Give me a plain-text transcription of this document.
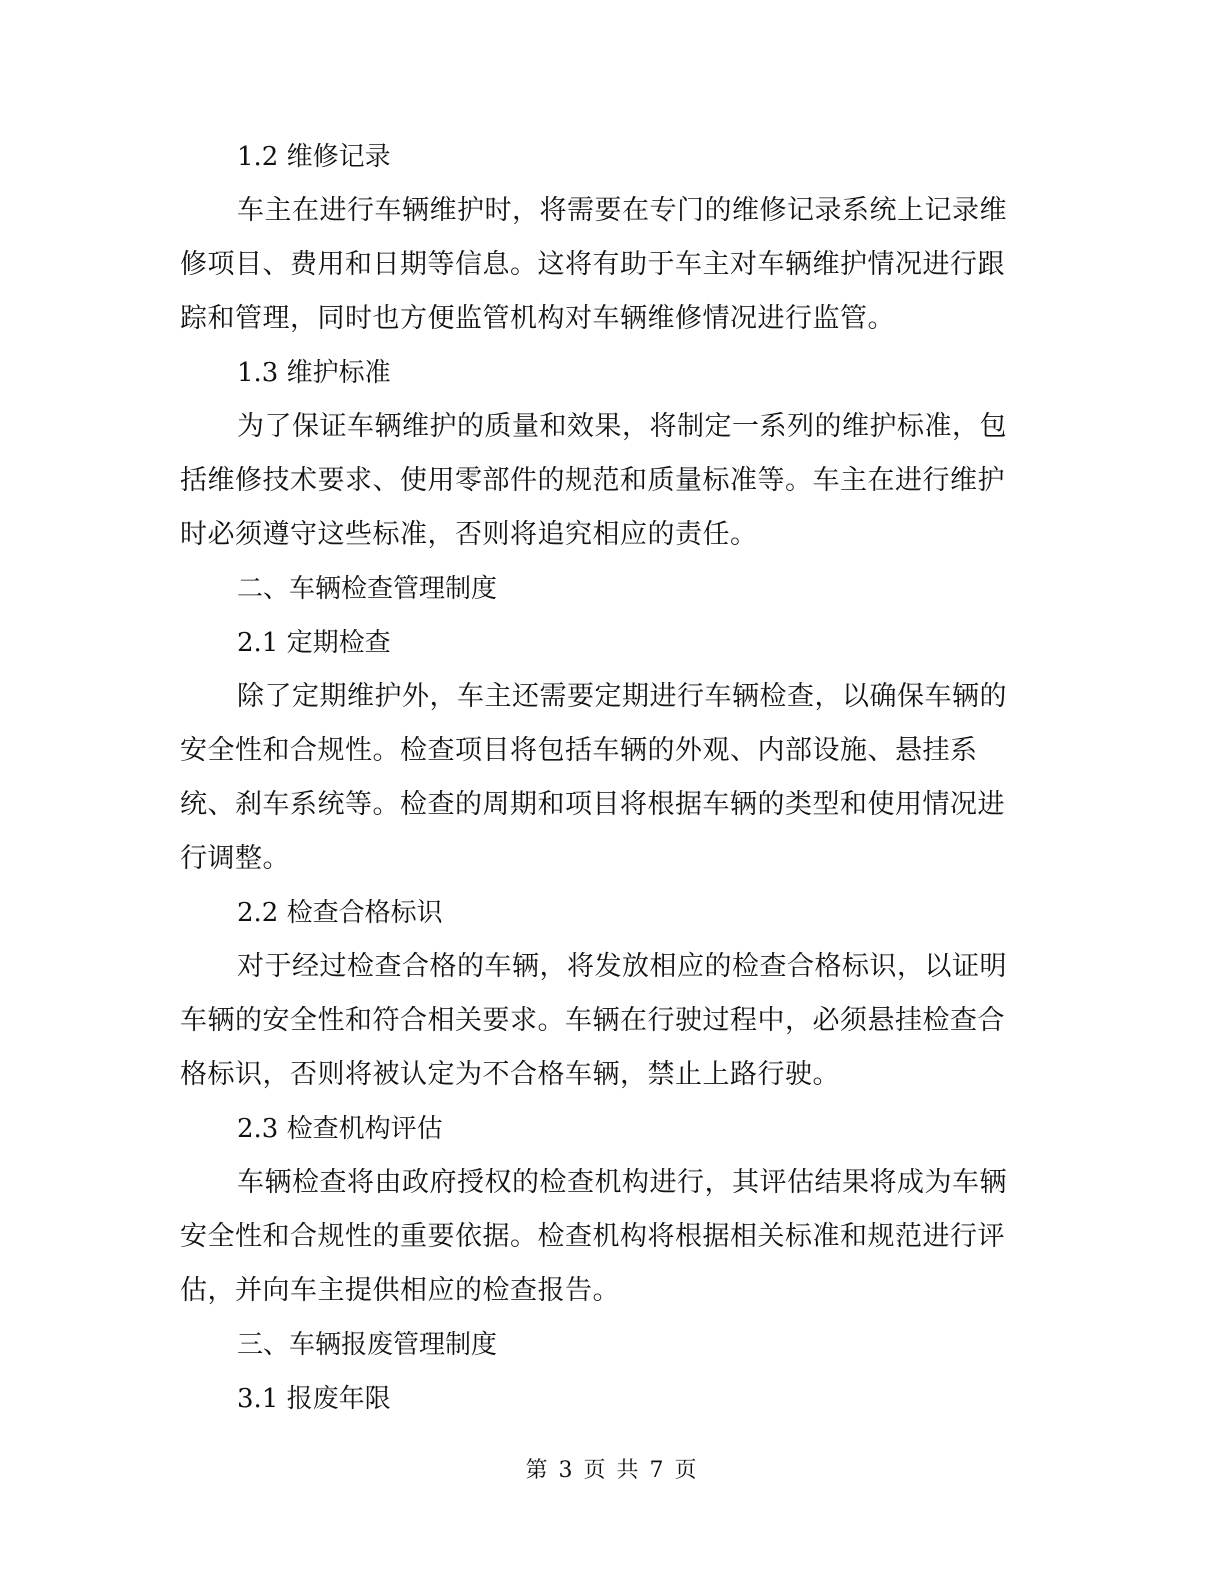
1.2 维修记录

车主在进行车辆维护时，将需要在专门的维修记录系统上记录维修项目、费用和日期等信息。这将有助于车主对车辆维护情况进行跟踪和管理，同时也方便监管机构对车辆维修情况进行监管。

1.3 维护标准

为了保证车辆维护的质量和效果，将制定一系列的维护标准，包括维修技术要求、使用零部件的规范和质量标准等。车主在进行维护时必须遵守这些标准，否则将追究相应的责任。

二、车辆检查管理制度

2.1 定期检查

除了定期维护外，车主还需要定期进行车辆检查，以确保车辆的安全性和合规性。检查项目将包括车辆的外观、内部设施、悬挂系统、刹车系统等。检查的周期和项目将根据车辆的类型和使用情况进行调整。

2.2 检查合格标识

对于经过检查合格的车辆，将发放相应的检查合格标识，以证明车辆的安全性和符合相关要求。车辆在行驶过程中，必须悬挂检查合格标识，否则将被认定为不合格车辆，禁止上路行驶。

2.3 检查机构评估

车辆检查将由政府授权的检查机构进行，其评估结果将成为车辆安全性和合规性的重要依据。检查机构将根据相关标准和规范进行评估，并向车主提供相应的检查报告。

三、车辆报废管理制度

3.1 报废年限

第 3 页 共 7 页
